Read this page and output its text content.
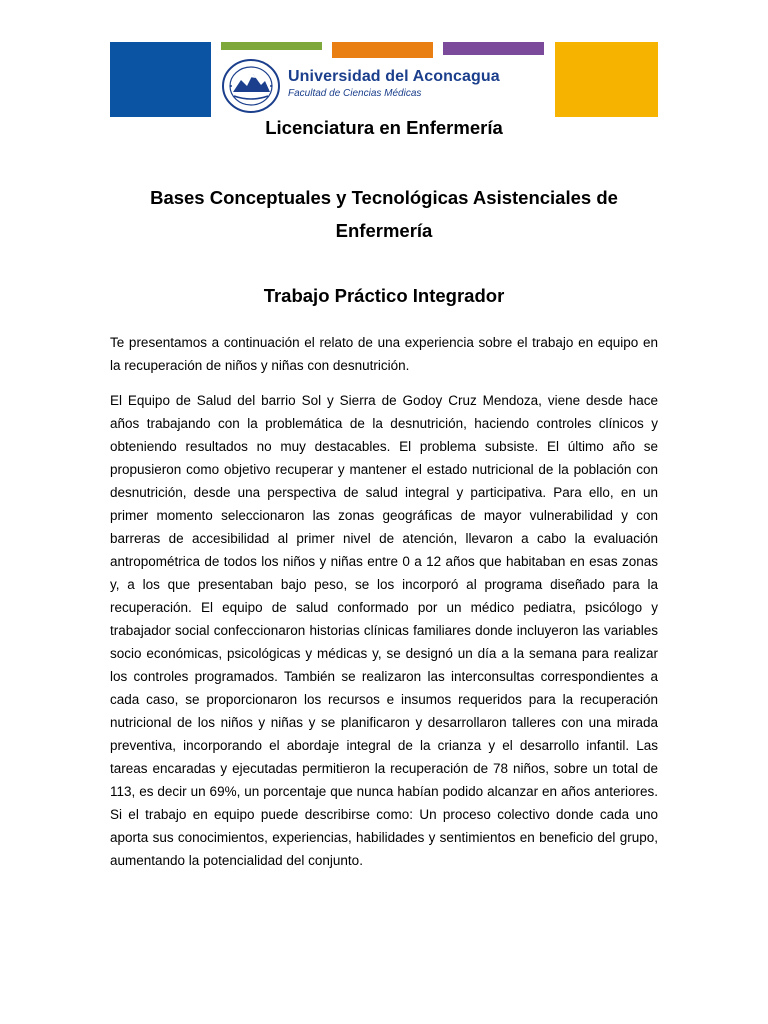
Universidad del Aconcagua
Facultad de Ciencias Médicas
Licenciatura en Enfermería
Bases Conceptuales y Tecnológicas Asistenciales de Enfermería
Trabajo Práctico Integrador
Te presentamos a continuación el relato de una experiencia sobre el trabajo en equipo en la recuperación de niños y niñas con desnutrición.
El Equipo de Salud del barrio Sol y Sierra de Godoy Cruz Mendoza, viene desde hace años trabajando con la problemática de la desnutrición, haciendo controles clínicos y obteniendo resultados no muy destacables. El problema subsiste. El último año se propusieron como objetivo recuperar y mantener el estado nutricional de la población con desnutrición, desde una perspectiva de salud integral y participativa. Para ello, en un primer momento seleccionaron las zonas geográficas de mayor vulnerabilidad y con barreras de accesibilidad al primer nivel de atención, llevaron a cabo la evaluación antropométrica de todos los niños y niñas entre 0 a 12 años que habitaban en esas zonas y, a los que presentaban bajo peso, se los incorporó al programa diseñado para la recuperación. El equipo de salud conformado por un médico pediatra, psicólogo y trabajador social confeccionaron historias clínicas familiares donde incluyeron las variables socio económicas, psicológicas y médicas y, se designó un día a la semana para realizar los controles programados. También se realizaron las interconsultas correspondientes a cada caso, se proporcionaron los recursos e insumos requeridos para la recuperación nutricional de los niños y niñas y se planificaron y desarrollaron talleres con una mirada preventiva, incorporando el abordaje integral de la crianza y el desarrollo infantil. Las tareas encaradas y ejecutadas permitieron la recuperación de 78 niños, sobre un total de 113, es decir un 69%, un porcentaje que nunca habían podido alcanzar en años anteriores. Si el trabajo en equipo puede describirse como: Un proceso colectivo donde cada uno aporta sus conocimientos, experiencias, habilidades y sentimientos en beneficio del grupo, aumentando la potencialidad del conjunto.
